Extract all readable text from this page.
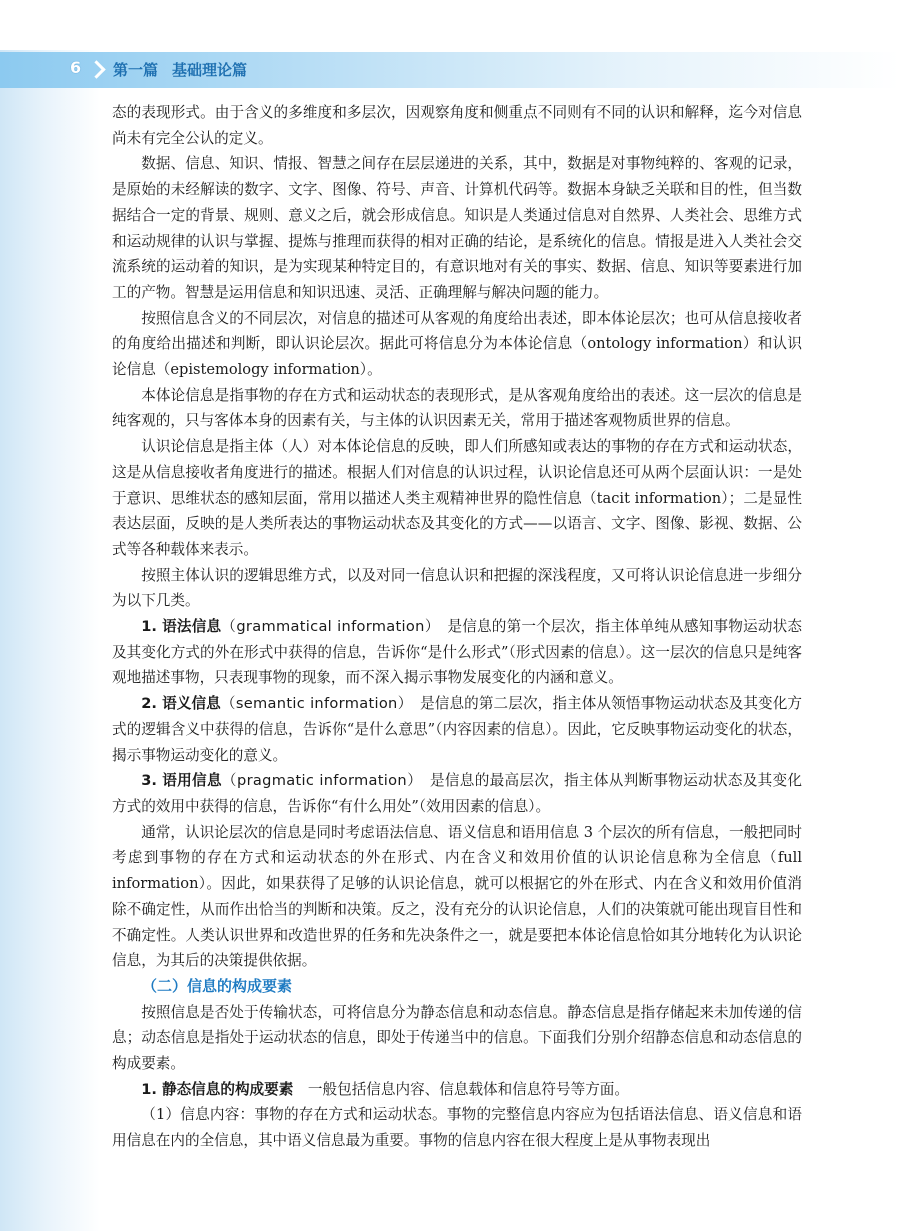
6 第一篇 基础理论篇

态的表现形式。由于含义的多维度和多层次，因观察角度和侧重点不同则有不同的认识和解释，迄今对信息尚未有完全公认的定义。

数据、信息、知识、情报、智慧之间存在层层递进的关系，其中，数据是对事物纯粹的、客观的记录，是原始的未经解读的数字、文字、图像、符号、声音、计算机代码等。数据本身缺乏关联和目的性，但当数据结合一定的背景、规则、意义之后，就会形成信息。知识是人类通过信息对自然界、人类社会、思维方式和运动规律的认识与掌握、提炼与推理而获得的相对正确的结论，是系统化的信息。情报是进入人类社会交流系统的运动着的知识，是为实现某种特定目的，有意识地对有关的事实、数据、信息、知识等要素进行加工的产物。智慧是运用信息和知识迅速、灵活、正确理解与解决问题的能力。

按照信息含义的不同层次，对信息的描述可从客观的角度给出表述，即本体论层次；也可从信息接收者的角度给出描述和判断，即认识论层次。据此可将信息分为本体论信息（ontology information）和认识论信息（epistemology information）。

本体论信息是指事物的存在方式和运动状态的表现形式，是从客观角度给出的表述。这一层次的信息是纯客观的，只与客体本身的因素有关，与主体的认识因素无关，常用于描述客观物质世界的信息。

认识论信息是指主体（人）对本体论信息的反映，即人们所感知或表达的事物的存在方式和运动状态，这是从信息接收者角度进行的描述。根据人们对信息的认识过程，认识论信息还可从两个层面认识：一是处于意识、思维状态的感知层面，常用以描述人类主观精神世界的隐性信息（tacit information）；二是显性表达层面，反映的是人类所表达的事物运动状态及其变化的方式——以语言、文字、图像、影视、数据、公式等各种载体来表示。

按照主体认识的逻辑思维方式，以及对同一信息认识和把握的深浅程度，又可将认识论信息进一步细分为以下几类。

1. 语法信息（grammatical information）　是信息的第一个层次，指主体单纯从感知事物运动状态及其变化方式的外在形式中获得的信息，告诉你“是什么形式”（形式因素的信息）。这一层次的信息只是纯客观地描述事物，只表现事物的现象，而不深入揭示事物发展变化的内涵和意义。

2. 语义信息（semantic information）　是信息的第二层次，指主体从领悟事物运动状态及其变化方式的逻辑含义中获得的信息，告诉你“是什么意思”（内容因素的信息）。因此，它反映事物运动变化的状态，揭示事物运动变化的意义。

3. 语用信息（pragmatic information）　是信息的最高层次，指主体从判断事物运动状态及其变化方式的效用中获得的信息，告诉你“有什么用处”（效用因素的信息）。

通常，认识论层次的信息是同时考虑语法信息、语义信息和语用信息 3 个层次的所有信息，一般把同时考虑到事物的存在方式和运动状态的外在形式、内在含义和效用价值的认识论信息称为全信息（full information）。因此，如果获得了足够的认识论信息，就可以根据它的外在形式、内在含义和效用价值消除不确定性，从而作出恰当的判断和决策。反之，没有充分的认识论信息，人们的决策就可能出现盲目性和不确定性。人类认识世界和改造世界的任务和先决条件之一，就是要把本体论信息恰如其分地转化为认识论信息，为其后的决策提供依据。

（二）信息的构成要素

按照信息是否处于传输状态，可将信息分为静态信息和动态信息。静态信息是指存储起来未加传递的信息；动态信息是指处于运动状态的信息，即处于传递当中的信息。下面我们分别介绍静态信息和动态信息的构成要素。

1. 静态信息的构成要素　一般包括信息内容、信息载体和信息符号等方面。

（1）信息内容：事物的存在方式和运动状态。事物的完整信息内容应为包括语法信息、语义信息和语用信息在内的全信息，其中语义信息最为重要。事物的信息内容在很大程度上是从事物表现出
